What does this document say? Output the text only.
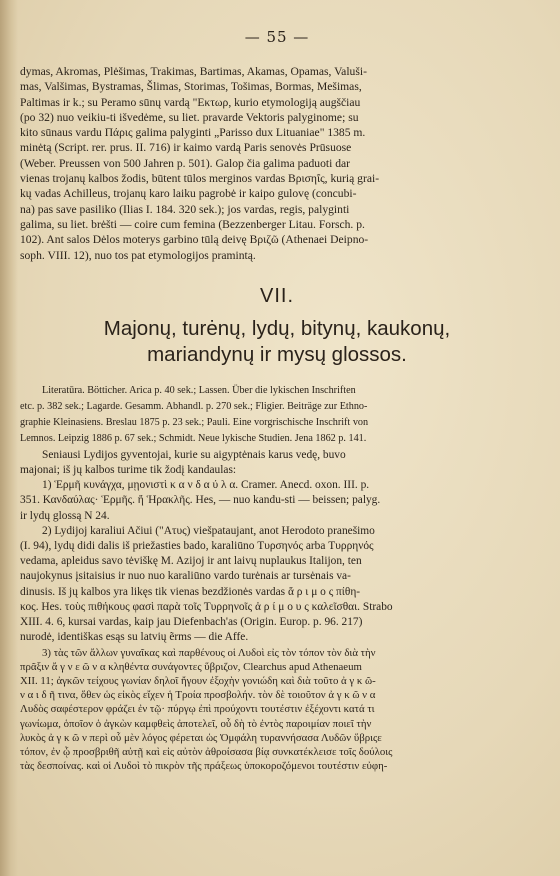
— 55 —

dymas, Akromas, Plėšimas, Trakimas, Bartimas, Akamas, Opamas, Valuši-

mas, Valšimas, Bystramas, Šlimas, Storimas, Tošimas, Bormas, Mešimas,

Paltimas ir k.; su Peramo sūnų vardą "Εκτωρ, kurio etymologiją augščiau

(po 32) nuo veikiu-ti išvedėme, su liet. pravarde Vektoris palyginome; su

kito sūnaus vardu Πάρις galima palyginti „Parisso dux Lituaniae" 1385 m.

minėtą (Script. rer. prus. II. 716) ir kaimo vardą Paris senovės Prūsuose

(Weber. Preussen von 500 Jahren p. 501). Galop čia galima paduoti dar

vienas trojanų kalbos žodis, būtent tūlos merginos vardas Βρισηΐς, kurią grai-

kų vadas Achilleus, trojanų karo laiku pagrobė ir kaipo gulovę (concubi-

na) pas save pasiliko (Ilias I. 184. 320 sek.); jos vardas, regis, palyginti

galima, su liet. brėšti — coire cum femina (Bezzenberger Litau. Forsch. p.

102). Ant salos Dėlos moterys garbino tūlą deivę Βριζῶ (Athenaei Deipno-

soph. VIII. 12), nuo tos pat etymologijos pramintą.

VII.
Majonų, turėnų, lydų, bitynų, kaukonų,
mariandynų ir mysų glossos.

Literatūra. Bötticher. Arica p. 40 sek.; Lassen. Über die lykischen Inschriften

etc. p. 382 sek.; Lagarde. Gesamm. Abhandl. p. 270 sek.; Fligier. Beiträge zur Ethno-

graphie Kleinasiens. Breslau 1875 p. 23 sek.; Pauli. Eine vorgrischische Inschrift von

Lemnos. Leipzig 1886 p. 67 sek.; Schmidt. Neue lykische Studien. Jena 1862 p. 141.

Seniausi Lydijos gyventojai, kurie su aigyptėnais karus vedę, buvo

majonai; iš jų kalbos turime tik žodį kandaulas:

1) Ἑρμῆ κυνάγχα, μῃονιστὶ κ α ν δ α ύ λ α. Cramer. Anecd. oxon. III. p.

351. Κανδαύλας· Ἑρμῆς. ἤ Ἡρακλῆς. Hes, — nuo kandu-sti — beissen; palyg.

ir lydų glossą N 24.

2) Lydijoj karaliui Ačiui ("Ατυς) viešpataujant, anot Herodoto pranešimo

(I. 94), lydų didi dalis iš priežasties bado, karaliūno Τυρσηνός arba Τυρρηνός

vedama, apleidus savo tėviškę M. Azijoj ir ant laivų nuplaukus Italijon, ten

naujokynus įsitaisius ir nuo nuo karaliūno vardo turėnais ar tursėnais va-

dinusis. Iš jų kalbos yra likęs tik vienas bezdžionės vardas ἄ ρ ι μ ο ς πίθη-

κος. Hes. τοὺς πιθήκους φασὶ παρὰ τοῖς Τυρρηνοῖς ἀ ρ ί μ ο υ ς καλεῖσθαι. Strabo

XIII. 4. 6, kursai vardas, kaip jau Diefenbach'as (Origin. Europ. p. 96. 217)

nurodė, identiškas esąs su latvių ẽrms — die Affe.

3) τὰς τῶν ἄλλων γυναῖκας καὶ παρθένους οἱ Λυδοὶ εἰς τὸν τόπον τὸν διὰ τὴν

πρᾶξιν ἄ γ ν ε ῶ ν α κληθέντα συνάγοντες ὕβριζον, Clearchus apud Athenaeum

XII. 11; ἀγκῶν τείχους γωνίαν δηλοῖ ἤγουν ἐξοχὴν γονιώδη καὶ διὰ τοῦτο ἀ γ κ ῶ-

ν α ι δ ῆ τινα, ὅθεν ὡς εἰκὸς εἴχεν ἡ Τροία προσβολήν. τὸν δὲ τοιοῦτον ἀ γ κ ῶ ν α

Λυδὸς σαφέστερον φράζει ἐν τῷ· πύργῳ ἐπὶ προύχοντι τουτέστιν ἐξέχοντι κατά τι

γωνίωμα, ὁποῖον ὁ ἀγκὼν καμφθεὶς ἀποτελεῖ, οὗ δὴ τὸ ἐντὸς παροιμίαν ποιεῖ τὴν

λυκὸς ἀ γ κ ῶ ν περὶ οὗ μὲν λόγος φέρεται ὡς Ὀμφάλη τυραννήσασα Λυδῶν ὕβριςε

τόπον, ἐν ᾧ προσβριθῆ αὐτῇ καὶ εἰς αὐτὸν ἀθροίσασα βίᾳ συνκατέκλεισε τοῖς δούλοις

τὰς δεσποίνας. καὶ οἱ Λυδοὶ τὸ πικρὸν τῆς πράξεως ὑποκοροζόμενοι τουτέστιν εὐφη-
